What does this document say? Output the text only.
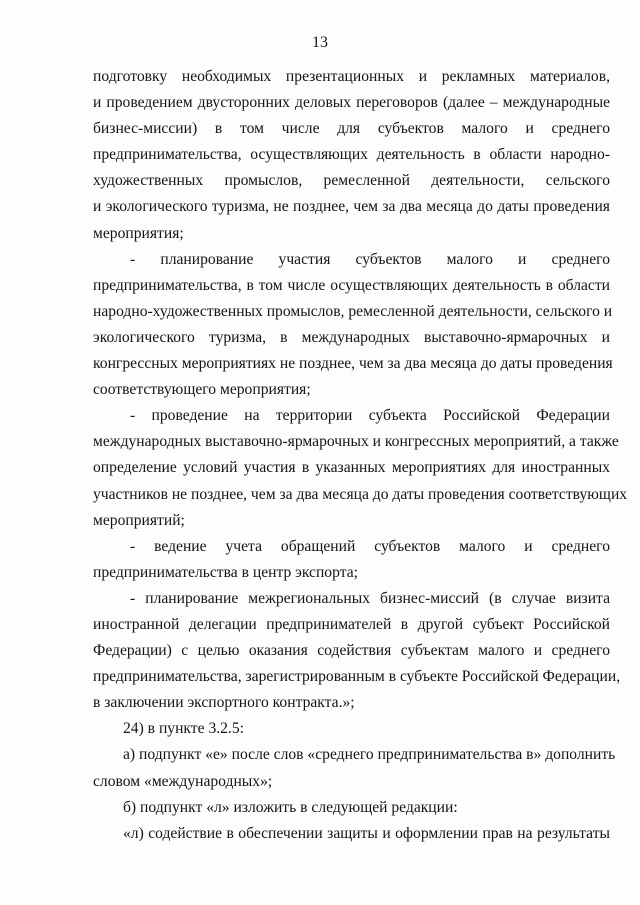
13
подготовку необходимых презентационных и рекламных материалов,
и проведением двусторонних деловых переговоров (далее – международные
бизнес-миссии) в том числе для субъектов малого и среднего
предпринимательства, осуществляющих деятельность в области народно-
художественных промыслов, ремесленной деятельности, сельского
и экологического туризма, не позднее, чем за два месяца до даты проведения
мероприятия;
- планирование участия субъектов малого и среднего
предпринимательства, в том числе осуществляющих деятельность в области
народно-художественных промыслов, ремесленной деятельности, сельского и
экологического туризма, в международных выставочно-ярмарочных и
конгрессных мероприятиях не позднее, чем за два месяца до даты проведения
соответствующего мероприятия;
- проведение на территории субъекта Российской Федерации
международных выставочно-ярмарочных и конгрессных мероприятий, а также
определение условий участия в указанных мероприятиях для иностранных
участников не позднее, чем за два месяца до даты проведения соответствующих
мероприятий;
- ведение учета обращений субъектов малого и среднего
предпринимательства в центр экспорта;
- планирование межрегиональных бизнес-миссий (в случае визита
иностранной делегации предпринимателей в другой субъект Российской
Федерации) с целью оказания содействия субъектам малого и среднего
предпринимательства, зарегистрированным в субъекте Российской Федерации,
в заключении экспортного контракта.»;
24) в пункте 3.2.5:
а) подпункт «е» после слов «среднего предпринимательства в» дополнить
словом «международных»;
б) подпункт «л» изложить в следующей редакции:
«л) содействие в обеспечении защиты и оформлении прав на результаты
